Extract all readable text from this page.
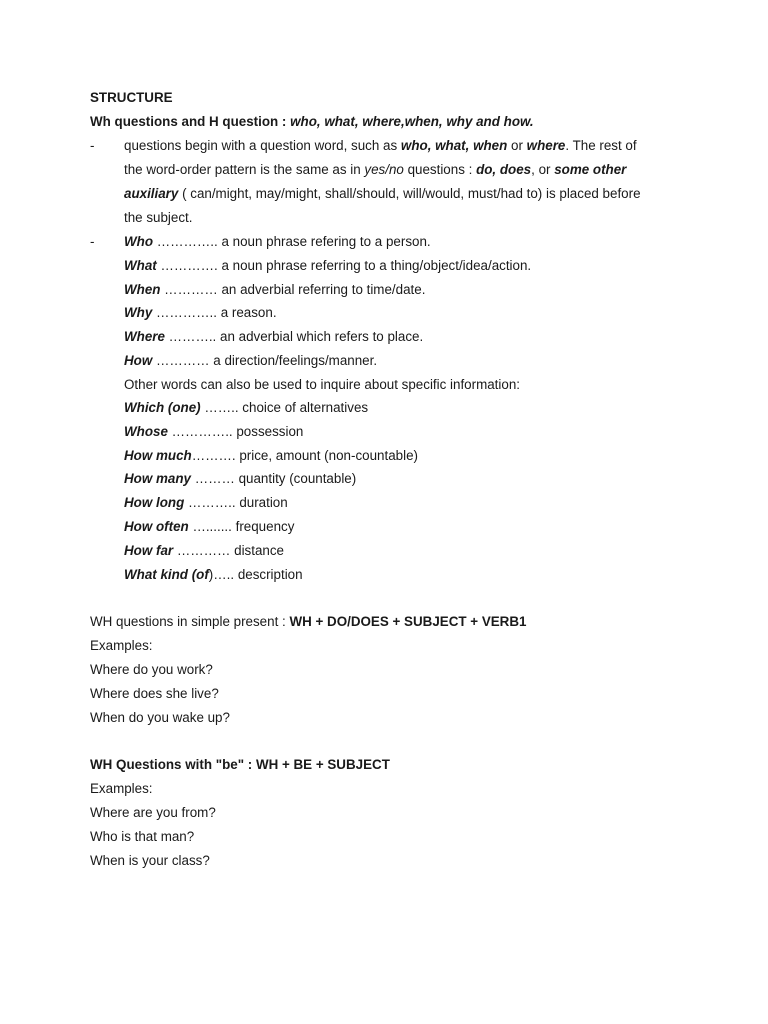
STRUCTURE
Wh questions and H question : who, what, where,when, why and how.
- questions begin with a question word, such as who, what, when or where. The rest of
the word-order pattern is the same as in yes/no questions : do, does, or some other
auxiliary ( can/might, may/might, shall/should, will/would, must/had to) is placed before
the subject.
- Who ………….. a noun phrase refering to a person.
What …………. a noun phrase referring to a thing/object/idea/action.
When ………… an adverbial referring to time/date.
Why ………….. a reason.
Where ……….. an adverbial which refers to place.
How ………… a direction/feelings/manner.
Other words can also be used to inquire about specific information:
Which (one) …….. choice of alternatives
Whose ………….. possession
How much………. price, amount (non-countable)
How many ……… quantity (countable)
How long ……….. duration
How often …....... frequency
How far ………… distance
What kind (of)….. description
WH questions in simple present : WH + DO/DOES + SUBJECT + VERB1
Examples:
Where do you work?
Where does she live?
When do you wake up?
WH Questions with "be" : WH + BE + SUBJECT
Examples:
Where are you from?
Who is that man?
When is your class?
